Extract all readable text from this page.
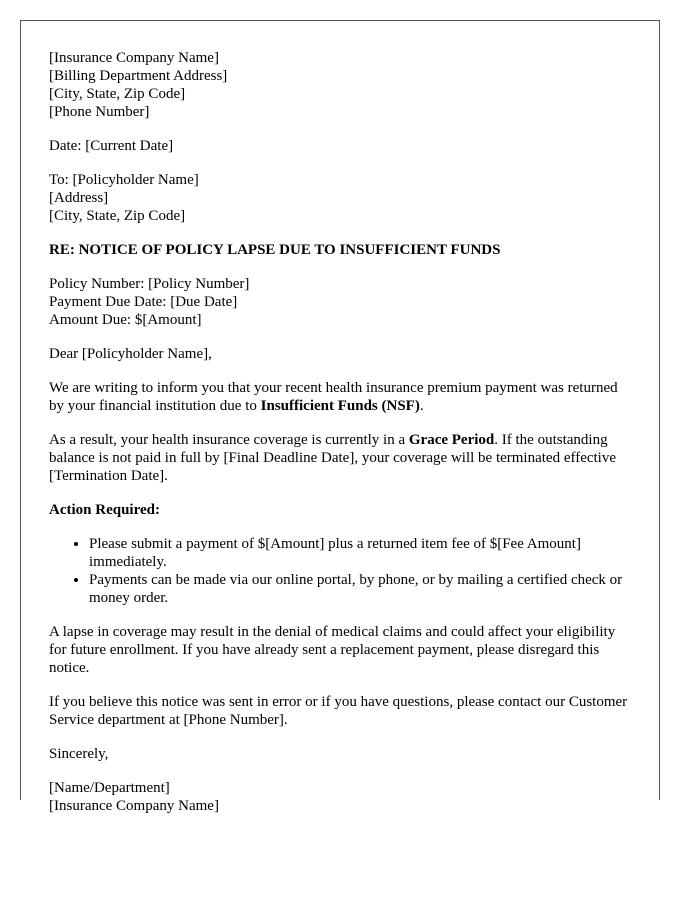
[Insurance Company Name]
[Billing Department Address]
[City, State, Zip Code]
[Phone Number]

Date: [Current Date]

To: [Policyholder Name]
[Address]
[City, State, Zip Code]

RE: NOTICE OF POLICY LAPSE DUE TO INSUFFICIENT FUNDS

Policy Number: [Policy Number]
Payment Due Date: [Due Date]
Amount Due: $[Amount]

Dear [Policyholder Name],

We are writing to inform you that your recent health insurance premium payment was returned by your financial institution due to Insufficient Funds (NSF).

As a result, your health insurance coverage is currently in a Grace Period. If the outstanding balance is not paid in full by [Final Deadline Date], your coverage will be terminated effective [Termination Date].

Action Required:

• Please submit a payment of $[Amount] plus a returned item fee of $[Fee Amount] immediately.
• Payments can be made via our online portal, by phone, or by mailing a certified check or money order.

A lapse in coverage may result in the denial of medical claims and could affect your eligibility for future enrollment. If you have already sent a replacement payment, please disregard this notice.

If you believe this notice was sent in error or if you have questions, please contact our Customer Service department at [Phone Number].

Sincerely,

[Name/Department]
[Insurance Company Name]
